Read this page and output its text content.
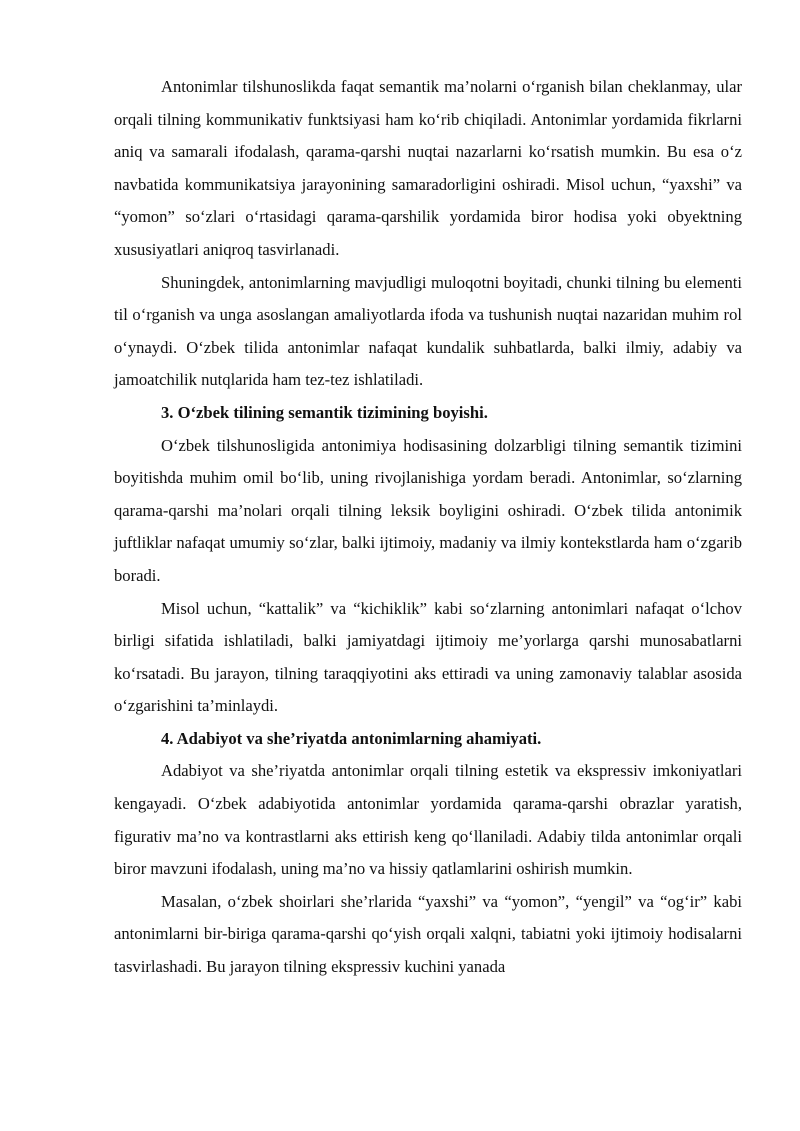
Antonimlar tilshunoslikda faqat semantik ma’nolarni o‘rganish bilan cheklanmay, ular orqali tilning kommunikativ funktsiyasi ham ko‘rib chiqiladi. Antonimlar yordamida fikrlarni aniq va samarali ifodalash, qarama-qarshi nuqtai nazarlarni ko‘rsatish mumkin. Bu esa o‘z navbatida kommunikatsiya jarayonining samaradorligini oshiradi. Misol uchun, “yaxshi” va “yomon” so‘zlari o‘rtasidagi qarama-qarshilik yordamida biror hodisa yoki obyektning xususiyatlari aniqroq tasvirlanadi.

Shuningdek, antonimlarning mavjudligi muloqotni boyitadi, chunki tilning bu elementi til o‘rganish va unga asoslangan amaliyotlarda ifoda va tushunish nuqtai nazaridan muhim rol o‘ynaydi. O‘zbek tilida antonimlar nafaqat kundalik suhbatlarda, balki ilmiy, adabiy va jamoatchilik nutqlarida ham tez-tez ishlatiladi.

3. O‘zbek tilining semantik tizimining boyishi.

O‘zbek tilshunosligida antonimiya hodisasining dolzarbligi tilning semantik tizimini boyitishda muhim omil bo‘lib, uning rivojlanishiga yordam beradi. Antonimlar, so‘zlarning qarama-qarshi ma’nolari orqali tilning leksik boyligini oshiradi. O‘zbek tilida antonimik juftliklar nafaqat umumiy so‘zlar, balki ijtimoiy, madaniy va ilmiy kontekstlarda ham o‘zgarib boradi.

Misol uchun, “kattalik” va “kichiklik” kabi so‘zlarning antonimlari nafaqat o‘lchov birligi sifatida ishlatiladi, balki jamiyatdagi ijtimoiy me’yorlarga qarshi munosabatlarni ko‘rsatadi. Bu jarayon, tilning taraqqiyotini aks ettiradi va uning zamonaviy talablar asosida o‘zgarishini ta’minlaydi.

4. Adabiyot va she’riyatda antonimlarning ahamiyati.

Adabiyot va she’riyatda antonimlar orqali tilning estetik va ekspressiv imkoniyatlari kengayadi. O‘zbek adabiyotida antonimlar yordamida qarama-qarshi obrazlar yaratish, figurativ ma’no va kontrastlarni aks ettirish keng qo‘llaniladi. Adabiy tilda antonimlar orqali biror mavzuni ifodalash, uning ma’no va hissiy qatlamlarini oshirish mumkin.

Masalan, o‘zbek shoirlari she’rlarida “yaxshi” va “yomon”, “yengil” va “og‘ir” kabi antonimlarni bir-biriga qarama-qarshi qo‘yish orqali xalqni, tabiatni yoki ijtimoiy hodisalarni tasvirlashadi. Bu jarayon tilning ekspressiv kuchini yanada
